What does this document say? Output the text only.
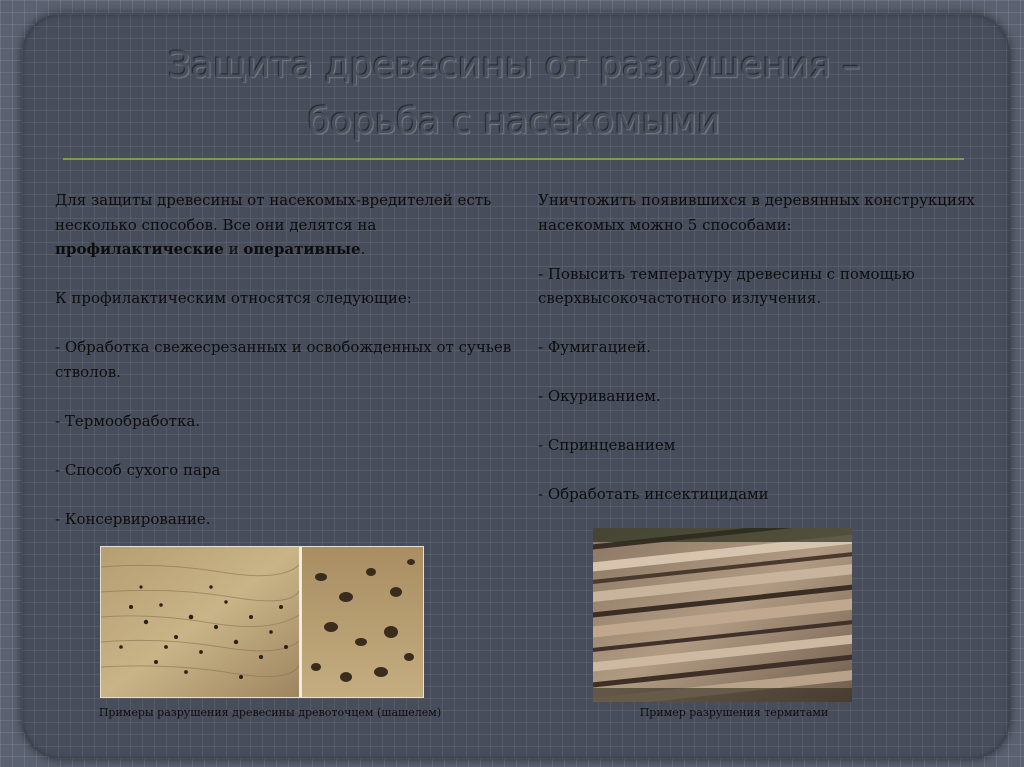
Защита древесины от разрушения –
борьба с насекомыми

Для защиты древесины от насекомых-вредителей есть несколько способов. Все они делятся на профилактические и оперативные.

К профилактическим относятся следующие:

- Обработка свежесрезанных и освобожденных от сучьев стволов.

- Термообработка.

- Способ сухого пара

- Консервирование.

Уничтожить появившихся в деревянных конструкциях насекомых можно 5 способами:

- Повысить температуру древесины с помощью сверхвысокочастотного излучения.

- Фумигацией.

- Окуриванием.

- Спринцеванием

- Обработать инсектицидами

Примеры разрушения древесины древоточцем (шашелем)	Пример разрушения термитами
